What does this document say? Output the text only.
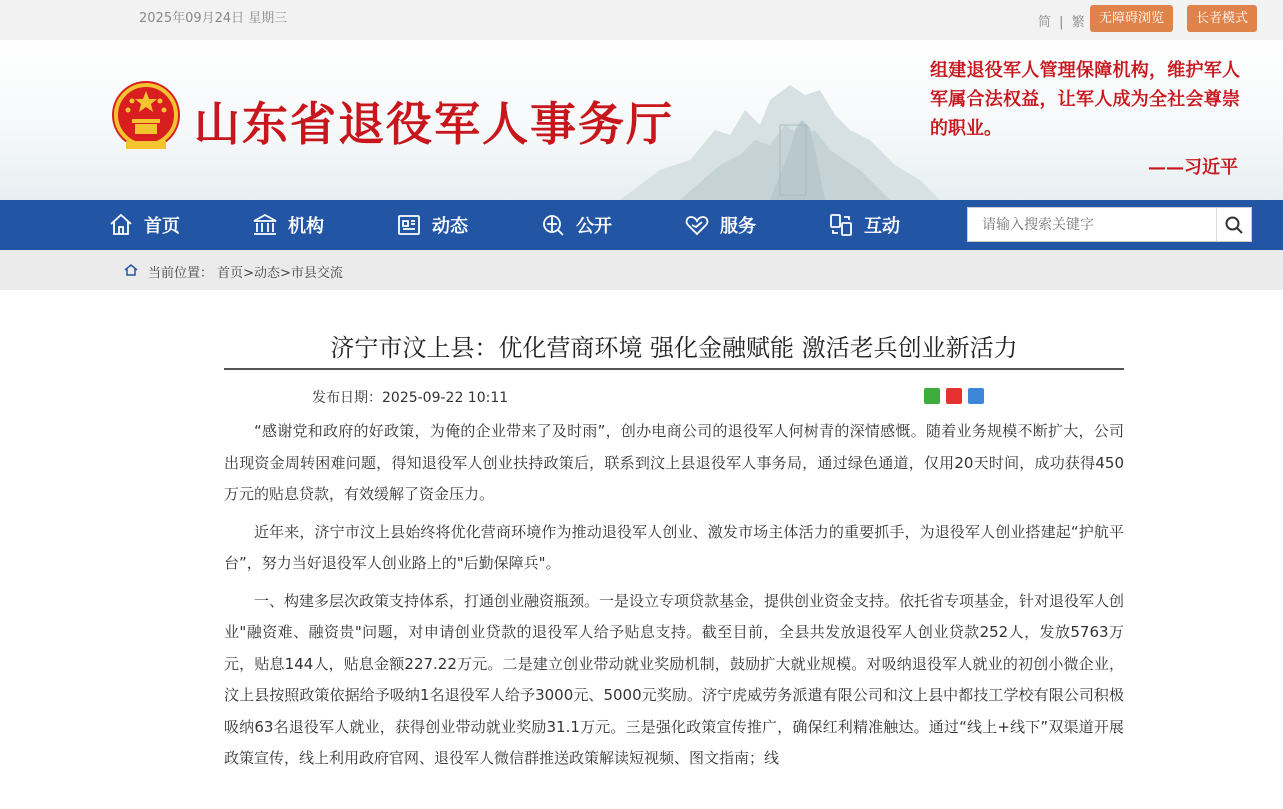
2025年09月24日 星期三	简 | 繁	无障碍浏览	长者模式
山东省退役军人事务厅
组建退役军人管理保障机构，维护军人军属合法权益，让军人成为全社会尊崇的职业。
——习近平
首页	机构	动态	公开	服务	互动
请输入搜索关键字
当前位置： 首页>动态>市县交流
济宁市汶上县：优化营商环境 强化金融赋能 激活老兵创业新活力
发布日期：2025-09-22 10:11

“感谢党和政府的好政策，为俺的企业带来了及时雨”，创办电商公司的退役军人何树青的深情感慨。随着业务规模不断扩大，公司出现资金周转困难问题，得知退役军人创业扶持政策后，联系到汶上县退役军人事务局，通过绿色通道，仅用20天时间，成功获得450万元的贴息贷款，有效缓解了资金压力。

近年来，济宁市汶上县始终将优化营商环境作为推动退役军人创业、激发市场主体活力的重要抓手，为退役军人创业搭建起“护航平台”，努力当好退役军人创业路上的"后勤保障兵"。

一、构建多层次政策支持体系，打通创业融资瓶颈。一是设立专项贷款基金，提供创业资金支持。依托省专项基金，针对退役军人创业"融资难、融资贵"问题，对申请创业贷款的退役军人给予贴息支持。截至目前，全县共发放退役军人创业贷款252人，发放5763万元，贴息144人，贴息金额227.22万元。二是建立创业带动就业奖励机制，鼓励扩大就业规模。对吸纳退役军人就业的初创小微企业，汶上县按照政策依据给予吸纳1名退役军人给予3000元、5000元奖励。济宁虎威劳务派遣有限公司和汶上县中都技工学校有限公司积极吸纳63名退役军人就业，获得创业带动就业奖励31.1万元。三是强化政策宣传推广，确保红利精准触达。通过“线上+线下”双渠道开展政策宣传，线上利用政府官网、退役军人微信群推送政策解读短视频、图文指南；线
